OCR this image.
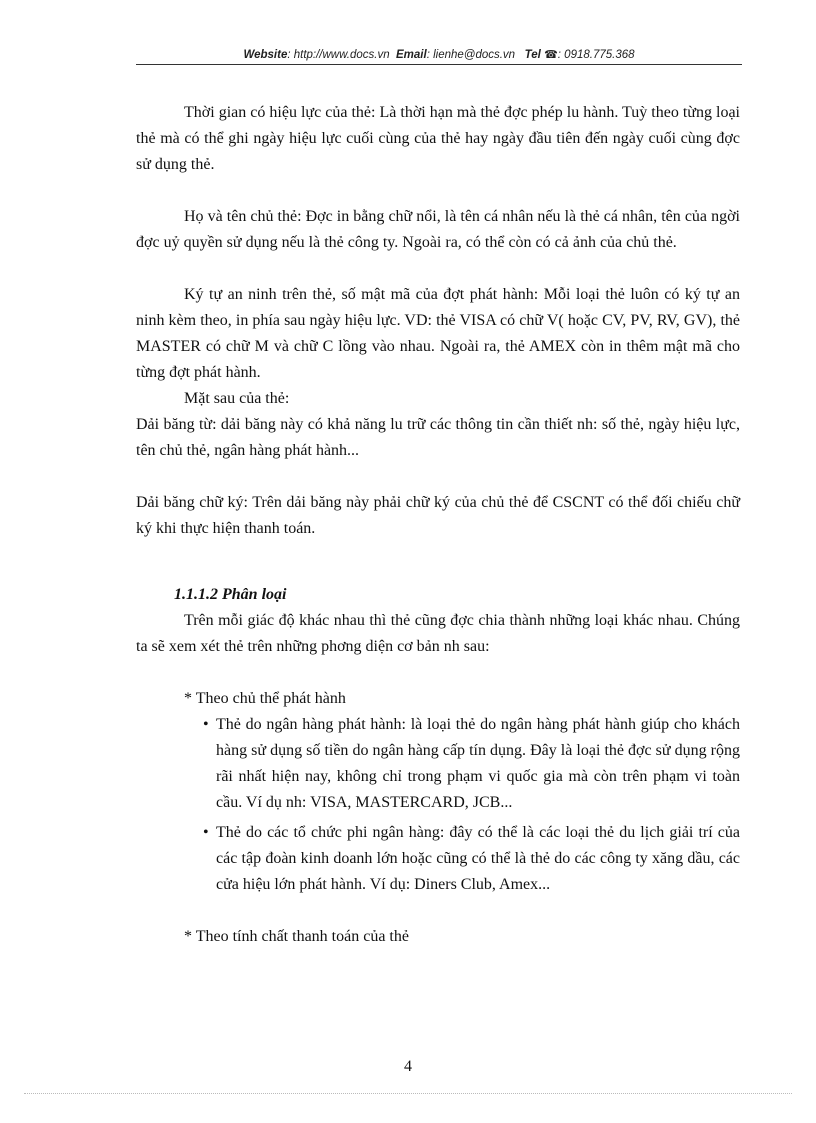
Website: http://www.docs.vn Email: lienhe@docs.vn Tel ☎: 0918.775.368

Thời gian có hiệu lực của thẻ: Là thời hạn mà thẻ đợc phép lu hành. Tuỳ theo từng loại thẻ mà có thể ghi ngày hiệu lực cuối cùng của thẻ hay ngày đầu tiên đến ngày cuối cùng đợc sử dụng thẻ.

Họ và tên chủ thẻ: Đợc in bằng chữ nổi, là tên cá nhân nếu là thẻ cá nhân, tên của ngời đợc uỷ quyền sử dụng nếu là thẻ công ty. Ngoài ra, có thể còn có cả ảnh của chủ thẻ.

Ký tự an ninh trên thẻ, số mật mã của đợt phát hành: Mỗi loại thẻ luôn có ký tự an ninh kèm theo, in phía sau ngày hiệu lực. VD: thẻ VISA có chữ V( hoặc CV, PV, RV, GV), thẻ MASTER có chữ M và chữ C lồng vào nhau. Ngoài ra, thẻ AMEX còn in thêm mật mã cho từng đợt phát hành.

Mặt sau của thẻ:

Dải băng từ: dải băng này có khả năng lu trữ các thông tin cần thiết nh: số thẻ, ngày hiệu lực, tên chủ thẻ, ngân hàng phát hành...

Dải băng chữ ký: Trên dải băng này phải chữ ký của chủ thẻ để CSCNT có thể đối chiếu chữ ký khi thực hiện thanh toán.

1.1.1.2 Phân loại

Trên mỗi giác độ khác nhau thì thẻ cũng đợc chia thành những loại khác nhau. Chúng ta sẽ xem xét thẻ trên những phơng diện cơ bản nh sau:

* Theo chủ thể phát hành

• Thẻ do ngân hàng phát hành: là loại thẻ do ngân hàng phát hành giúp cho khách hàng sử dụng số tiền do ngân hàng cấp tín dụng. Đây là loại thẻ đợc sử dụng rộng rãi nhất hiện nay, không chỉ trong phạm vi quốc gia mà còn trên phạm vi toàn cầu. Ví dụ nh: VISA, MASTERCARD, JCB...
• Thẻ do các tổ chức phi ngân hàng: đây có thể là các loại thẻ du lịch giải trí của các tập đoàn kinh doanh lớn hoặc cũng có thể là thẻ do các công ty xăng dầu, các cửa hiệu lớn phát hành. Ví dụ: Diners Club, Amex...

* Theo tính chất thanh toán của thẻ

4
